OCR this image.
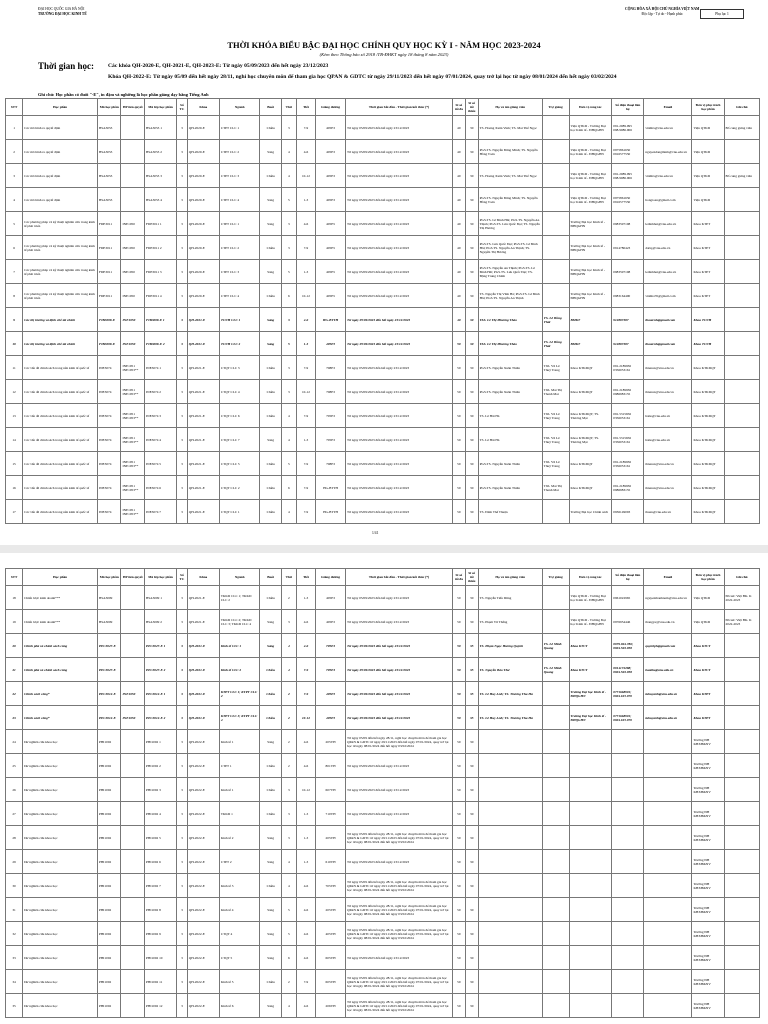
ĐẠI HỌC QUỐC GIA HÀ NỘI
TRƯỜNG ĐẠI HỌC KINH TẾ
CỘNG HÒA XÃ HỘI CHỦ NGHĨA VIỆT NAM
Độc lập - Tự do - Hạnh phúc	Phụ lục 1
THỜI KHÓA BIỂU BẬC ĐẠI HỌC CHÍNH QUY HỌC KỲ I - NĂM HỌC 2023-2024
(Kèm theo Thông báo số 2918 /TB-ĐHKT ngày 18 tháng 8 năm 2023)
Thời gian học:	Các khóa QH-2020-E, QH-2021-E, QH-2023-E: Từ ngày 05/09/2023 đến hết ngày 23/12/2023
Khóa QH-2022-E: Từ ngày 05/09 đến hết ngày 28/11, nghỉ học chuyên môn để tham gia học QPAN & GDTC từ ngày 29/11/2023 đến hết ngày 07/01/2024, quay trở lại học từ ngày 08/01/2024 đến hết ngày 03/02/2024
Ghi chú: Học phần có đuôi "-E", in đậm và nghiêng là học phần giảng dạy bằng Tiếng Anh
STT	Học phần	Mã học phần	HP tiên quyết	Mã lớp học phần	Số TC	Khóa	Ngành	Buổi	Thứ	Tiết	Giảng đường	Thời gian bắt đầu - Thời gian kết thúc (*)	Sĩ số tối đa	Sĩ số tối thiểu	Họ và tên giảng viên	Trợ giảng	Đơn vị công tác	Số điện thoại liên hệ	Email	Đơn vị phụ trách học phần	Ghi chú
1	Các mô hình ra quyết định	BSA3053		BSA3053 1	3	QH-2020-E	CTPT CLC 1	Chiều	3	7-9	405E3	Từ ngày 05/09/2023 đến hết ngày 23/12/2023	40	30	TS. Hoàng Xuân Vinh; TS. Mai Thế Ngọc		Viện QTKD - Trường Đại học Kinh tế - ĐHQGHN	091.2089.995 098.9086.906	vinhhx@vnu.edu.vn	Viện QTKD	Bố cung giảng viên
2	Các mô hình ra quyết định	BSA3053		BSA3053 2	3	QH-2020-E	CTPT CLC 2	Sáng	4	4-6	405E3	Từ ngày 05/09/2023 đến hết ngày 23/12/2023	40	30	PGS.TS. Nguyễn Đăng Minh; TS. Nguyễn Hồng Toàn		Viện QTKD - Trường Đại học Kinh tế - ĐHQGHN	0975861650 0916577550	nguyendangminh@vnu.edu.vn	Viện QTKD	
3	Các mô hình ra quyết định	BSA3053		BSA3053 3	3	QH-2020-E	CTPT CLC 3	Chiều	4	10-12	405E3	Từ ngày 05/09/2023 đến hết ngày 23/12/2023	40	30	TS. Hoàng Xuân Vinh; TS. Mai Thế Ngọc		Viện QTKD - Trường Đại học Kinh tế - ĐHQGHN	091.2089.995 098.9086.906	vinhhx@vnu.edu.vn	Viện QTKD	Bố cung giảng viên
4	Các mô hình ra quyết định	BSA3053		BSA3053 4	3	QH-2020-E	CTPT CLC 4	Sáng	5	1-3	405E3	Từ ngày 05/09/2023 đến hết ngày 23/12/2023	40	30	PGS.TS. Nguyễn Đăng Minh; TS. Nguyễn Hồng Toàn		Viện QTKD - Trường Đại học Kinh tế - ĐHQGHN	0975861650 0916577550	hongtoan@gmail.com	Viện QTKD	
5	Các phương pháp và kỹ thuật nghiên cứu trong kinh tế phát triển	FDE3011	INE1050	FDE3011 1	3	QH-2020-E	CTPT CLC 1	Sáng	3	4-6	405E5	Từ ngày 05/09/2023 đến hết ngày 23/12/2023	40	30	PGS.TS. Lê Đình Hải; PGS.TS. Nguyễn An Thịnh; PGS.TS. Lưu Quốc Đạt; TS. Nguyễn Thị Hương		Trường Đại học Kinh tế - ĐHQGHN	0983597108	ledinhhai@vnu.edu.vn	Khoa KTPT	
6	Các phương pháp và kỹ thuật nghiên cứu trong kinh tế phát triển	FDE3011	INE1050	FDE3011 2	3	QH-2020-E	CTPT CLC 2	Chiều	3	7-9	405E5	Từ ngày 05/09/2023 đến hết ngày 23/12/2023	40	30	PGS.TS. Lưu Quốc Đạt; PGS.TS. Lê Đình Hải; PGS.TS. Nguyễn An Thịnh; TS. Nguyễn Thị Hương		Trường Đại học Kinh tế - ĐHQGHN	0914780423	datlq@vnu.edu.vn	Khoa KTPT	
7	Các phương pháp và kỹ thuật nghiên cứu trong kinh tế phát triển	FDE3011	INE1050	FDE3011 3	3	QH-2020-E	CTPT CLC 3	Sáng	5	1-3	405E5	Từ ngày 05/09/2023 đến hết ngày 23/12/2023	40	30	PGS.TS. Nguyễn An Thịnh; PGS.TS. Lê Đình Hải; PGS.TS. Lưu Quốc Đạt; TS. Đặng Trung Chính		Trường Đại học Kinh tế - ĐHQGHN	0983597108	ledinhhai@vnu.edu.vn	Khoa KTPT	
8	Các phương pháp và kỹ thuật nghiên cứu trong kinh tế phát triển	FDE3011	INE1050	FDE3011 4	3	QH-2020-E	CTPT CLC 4	Chiều	6	10-12	405E5	Từ ngày 05/09/2023 đến hết ngày 23/12/2023	40	30	TS. Nguyễn Thị Vĩnh Hà; PGS.TS. Lê Đình Hải; PGS.TS. Nguyễn An Thịnh		Trường Đại học Kinh tế - ĐHQGHN	0983164400	vinhha76@gmail.com	Khoa KTPT	
9	Các thị trường và định chế tài chính	FIB3008-E	INE1050	FIB3008-E 1	3	QH-2021-E	TCNH CLC 1	Sáng	3	4-6	HG-BTTH	Từ ngày 05/09/2023 đến hết ngày 23/12/2023	40	30	ThS. Lê Thị Phương Thảo	TS. Lê Hồng Thái	BMKT	912887387	thaotcnh@gmail.com	Khoa TCNH	
10	Các thị trường và định chế tài chính	FIB3008-E	INE1050	FIB3008-E 2	3	QH-2021-E	TCNH CLC 2	Sáng	5	1-3	405E5	Từ ngày 05/09/2023 đến hết ngày 23/12/2023	50	30	ThS. Lê Thị Phương Thảo	TS. Lê Hồng Thái	BMKT	912887387	thaotcnh@gmail.com	Khoa TCNH	
11	Các vấn đề chính sách trong nền kinh tế quốc tế	INE3074	INE1051 INE1053**	INE3074 1	3	QH-2021-E	CTQT CLC 3	Chiều	3	7-9	708E3	Từ ngày 05/09/2023 đến hết ngày 23/12/2023	50	30	PGS.TS. Nguyễn Xuân Thiên	ThS. Vũ Lê Thuý Trang	Khoa KTKDQT	091.2189936 0356053161	thienux@vnu.edu.vn	Khoa KTKDQT	
12	Các vấn đề chính sách trong nền kinh tế quốc tế	INE3074	INE1051 INE1053**	INE3074 2	3	QH-2021-E	CTQT CLC 4	Chiều	3	10-12	708E3	Từ ngày 05/09/2023 đến hết ngày 23/12/2023	50	30	PGS.TS. Nguyễn Xuân Thiên	ThS. Mai Thị Thanh Mai	Khoa KTKDQT	091.2189936 0986983155	thienux@vnu.edu.vn	Khoa KTKDQT	
13	Các vấn đề chính sách trong nền kinh tế quốc tế	INE3074	INE1051 INE1053**	INE3074 3	3	QH-2021-E	CTQT CLC 6	Chiều	4	7-9	705E3	Từ ngày 05/09/2023 đến hết ngày 23/12/2023	50	30	TS. Lê Hải Hà	ThS. Vũ Lê Thuý Trang	Khoa KTKDQT; TS. Thương Mại	091.5315656 0356053161	haile@vnu.edu.vn	Khoa KTKDQT	
14	Các vấn đề chính sách trong nền kinh tế quốc tế	INE3074	INE1051 INE1053**	INE3074 4	3	QH-2021-E	CTQT CLC 7	Sáng	4	1-3	705E3	Từ ngày 05/09/2023 đến hết ngày 23/12/2023	50	30	TS. Lê Hải Hà	ThS. Vũ Lê Thuý Trang	Khoa KTKDQT; TS. Thương Mại	091.5315656 0356053161	haile@vnu.edu.vn	Khoa KTKDQT	
15	Các vấn đề chính sách trong nền kinh tế quốc tế	INE3074	INE1051 INE1053**	INE3074 5	3	QH-2021-E	CTQT CLC 5	Chiều	5	7-9	708E3	Từ ngày 05/09/2023 đến hết ngày 23/12/2023	50	30	PGS.TS. Nguyễn Xuân Thiên	ThS. Vũ Lê Thuý Trang	Khoa KTKDQT	091.2189936 0356053161	thienux@vnu.edu.vn	Khoa KTKDQT	
16	Các vấn đề chính sách trong nền kinh tế quốc tế	INE3074	INE1051 INE1053**	INE3074 6	3	QH-2021-E	CTQT CLC 2	Chiều	6	7-9	HG-BTTH	Từ ngày 05/09/2023 đến hết ngày 23/12/2023	50	30	PGS.TS. Nguyễn Xuân Thiên	ThS. Mai Thị Thanh Mai	Khoa KTKDQT	091.2189936 0986983155	thienux@vnu.edu.vn	Khoa KTKDQT	
17	Các vấn đề chính sách trong nền kinh tế quốc tế	INE3074	INE1051 INE1053**	INE3074 7	3	QH-2021-E	CTQT CLC 1	Chiều	4	7-9	HG-BTTH	Từ ngày 05/09/2023 đến hết ngày 23/12/2023	50	30	TS. Đinh Thế Thuận		Trường Đại học Chính sách	0936149093	thuan@vnu.edu.vn	Khoa KTKDQT	
1/41
STT	Học phần	Mã học phần	HP tiên quyết	Mã lớp học phần	Số TC	Khóa	Ngành	Buổi	Thứ	Tiết	Giảng đường	Thời gian bắt đầu - Thời gian kết thúc (*)	Sĩ số tối đa	Sĩ số tối thiểu	Họ và tên giảng viên	Trợ giảng	Đơn vị công tác	Số điện thoại liên hệ	Email	Đơn vị phụ trách học phần	Ghi chú
18	Chiến lược kinh doanh***	BSA3009		BSA3009 1	3	QH-2021-E	TKKD CLC 1; TKKD CLC 2	Chiều	2	1-3	405E3	Từ ngày 05/09/2023 đến hết ngày 23/12/2023	50	30	TS. Nguyễn Tiến Dũng		Viện QTKD - Trường Đại học Kinh tế - ĐHQGHN	0961022965	nguyenthanhnam@vnu.edu.vn	Viện QTKD	Đã xét: Việt BK. K 2022-2023
19	Chiến lược kinh doanh***	BSA3009		BSA3009 2	3	QH-2021-E	TKKD CLC 2; TKKD CLC 3; TKKD CLC 4	Sáng	3	4-6	405E3	Từ ngày 05/09/2023 đến hết ngày 23/12/2023	50	30	TS. Phạm Vũ Thắng		Viện QTKD - Trường Đại học Kinh tế - ĐHQGHN	0976954446	thangpv@vnu.edu.vn	Viện QTKD	Đã xét: Việt BK. K 2022-2023
20	Chính phủ và chính sách công	PEC3027-E		PEC3027-E 1	3	QH-2021-E	Kinh tế CLC 1	Sáng	4	4-6	705E3	Từ ngày 05/09/2023 đến hết ngày 23/12/2023	50	35	TS. Phạm Ngọc Hương Quỳnh	TS. Lê Minh Quang	Khoa KTCT	0979.964.786; 0904.563.958	quynhph@gmail.com	Khoa KTCT	
21	Chính phủ và chính sách công	PEC3027-E		PEC3027-E 2	3	QH-2021-E	Kinh tế CLC 2	Chiều	4	7-9	705E3	Từ ngày 05/09/2023 đến hết ngày 23/12/2023	50	35	TS. Nguyễn Bảo Thư	TS. Lê Minh Quang	Khoa KTCT	0914172288; 0904.563.958	baothu@vnu.edu.vn	Khoa KTCT	
22	Chính sách công*	PEC3012-E	INE1050	PEC3012-E 1	3	QH-2021-E	KTPT CLC 1; KTPT CLC 2	Chiều	2	7-9	405E5	Từ ngày 05/09/2023 đến hết ngày 23/12/2023	50	35	TS. Lê Huy Anh; TS. Trương Thu Hà		Trường Đại học Kinh tế - ĐHQGHN	0771668901; 0904.615.970	tuhuyanh@vnu.edu.vn	Khoa KTPT	
23	Chính sách công*	PEC3012-E	INE1050	PEC3012-E 2	3	QH-2021-E	KTPT CLC 3; KTPT CLC 4	Chiều	2	10-12	405E5	Từ ngày 05/09/2023 đến hết ngày 23/12/2023	50	35	TS. Lê Huy Anh; TS. Trương Thu Hà		Trường Đại học Kinh tế - ĐHQGHN	0771668901; 0904.615.970	tuhuyanh@vnu.edu.vn	Khoa KTPT	
24	Dư nghiên cứu khoa học	PHI1002		PHI1002 1	3	QH-2022-E	Kinh tế 1	Sáng	2	4-6	205VH	Từ ngày 05/09 đến hết ngày 28/11, nghỉ học chuyên môn để tham gia học QPAN & GDTC từ ngày 29/11/2023 đến hết ngày 07/01/2024, quay trở lại học từ ngày 08/01/2024 đến hết ngày 03/02/2024	50	30						Trường ĐH KHXH&NV	
25	Dư nghiên cứu khoa học	PHI1002		PHI1002 2	3	QH-2022-E	CTPT 1	Chiều	2	4-6	801VH	Từ ngày 05/09/2023 đến hết ngày 23/12/2023	50	30						Trường ĐH KHXH&NV	
26	Dư nghiên cứu khoa học	PHI1002		PHI1002 3	3	QH-2022-E	Kinh tế 1	Chiều	3	10-12	607VH	Từ ngày 05/09/2023 đến hết ngày 23/12/2023	50	30						Trường ĐH KHXH&NV	
27	Dư nghiên cứu khoa học	PHI1002		PHI1002 4	3	QH-2022-E	TKKD 1	Chiều	3	1-3	710VH	Từ ngày 05/09/2023 đến hết ngày 23/12/2023	50	30						Trường ĐH KHXH&NV	
28	Dư nghiên cứu khoa học	PHI1002		PHI1002 5	3	QH-2022-E	Kinh tế 2	Sáng	3	1-3	205VH	Từ ngày 05/09 đến hết ngày 28/11, nghỉ học chuyên môn để tham gia học QPAN & GDTC từ ngày 29/11/2023 đến hết ngày 07/01/2024, quay trở lại học từ ngày 08/01/2024 đến hết ngày 03/02/2024	50	30						Trường ĐH KHXH&NV	
29	Dư nghiên cứu khoa học	PHI1002		PHI1002 6	3	QH-2022-E	CTPT 2	Sáng	4	1-3	610VH	Từ ngày 05/09/2023 đến hết ngày 23/12/2023	50	30						Trường ĐH KHXH&NV	
30	Dư nghiên cứu khoa học	PHI1002		PHI1002 7	3	QH-2022-E	Kinh tế 3	Chiều	4	4-6	705VH	Từ ngày 05/09 đến hết ngày 28/11, nghỉ học chuyên môn để tham gia học QPAN & GDTC từ ngày 29/11/2023 đến hết ngày 07/01/2024, quay trở lại học từ ngày 08/01/2024 đến hết ngày 03/02/2024	50	30						Trường ĐH KHXH&NV	
31	Dư nghiên cứu khoa học	PHI1002		PHI1002 8	3	QH-2022-E	Kinh tế 4	Sáng	5	4-6	205VH	Từ ngày 05/09 đến hết ngày 28/11, nghỉ học chuyên môn để tham gia học QPAN & GDTC từ ngày 29/11/2023 đến hết ngày 07/01/2024, quay trở lại học từ ngày 08/01/2024 đến hết ngày 03/02/2024	50	30						Trường ĐH KHXH&NV	
32	Dư nghiên cứu khoa học	PHI1002		PHI1002 9	3	QH-2022-E	CTQT 4	Sáng	5	4-6	405VH	Từ ngày 05/09 đến hết ngày 28/11, nghỉ học chuyên môn để tham gia học QPAN & GDTC từ ngày 29/11/2023 đến hết ngày 07/01/2024, quay trở lại học từ ngày 08/01/2024 đến hết ngày 03/02/2024	50	30						Trường ĐH KHXH&NV	
33	Dư nghiên cứu khoa học	PHI1002		PHI1002 10	3	QH-2022-E	CTQT 5	Sáng	6	4-6	605VH	Từ ngày 05/09/2023 đến hết ngày 23/12/2023	50	30						Trường ĐH KHXH&NV	
34	Dư nghiên cứu khoa học	PHI1002		PHI1002 11	3	QH-2022-E	Kinh tế 5	Chiều	2	7-9	605VH	Từ ngày 05/09 đến hết ngày 28/11, nghỉ học chuyên môn để tham gia học QPAN & GDTC từ ngày 29/11/2023 đến hết ngày 07/01/2024, quay trở lại học từ ngày 08/01/2024 đến hết ngày 03/02/2024	50	30						Trường ĐH KHXH&NV	
35	Dư nghiên cứu khoa học	PHI1002		PHI1002 12	3	QH-2022-E	Kinh tế 6	Sáng	4	4-6	206VH	Từ ngày 05/09 đến hết ngày 28/11, nghỉ học chuyên môn để tham gia học QPAN & GDTC từ ngày 29/11/2023 đến hết ngày 07/01/2024, quay trở lại học từ ngày 08/01/2024 đến hết ngày 03/02/2024	50	30						Trường ĐH KHXH&NV	
